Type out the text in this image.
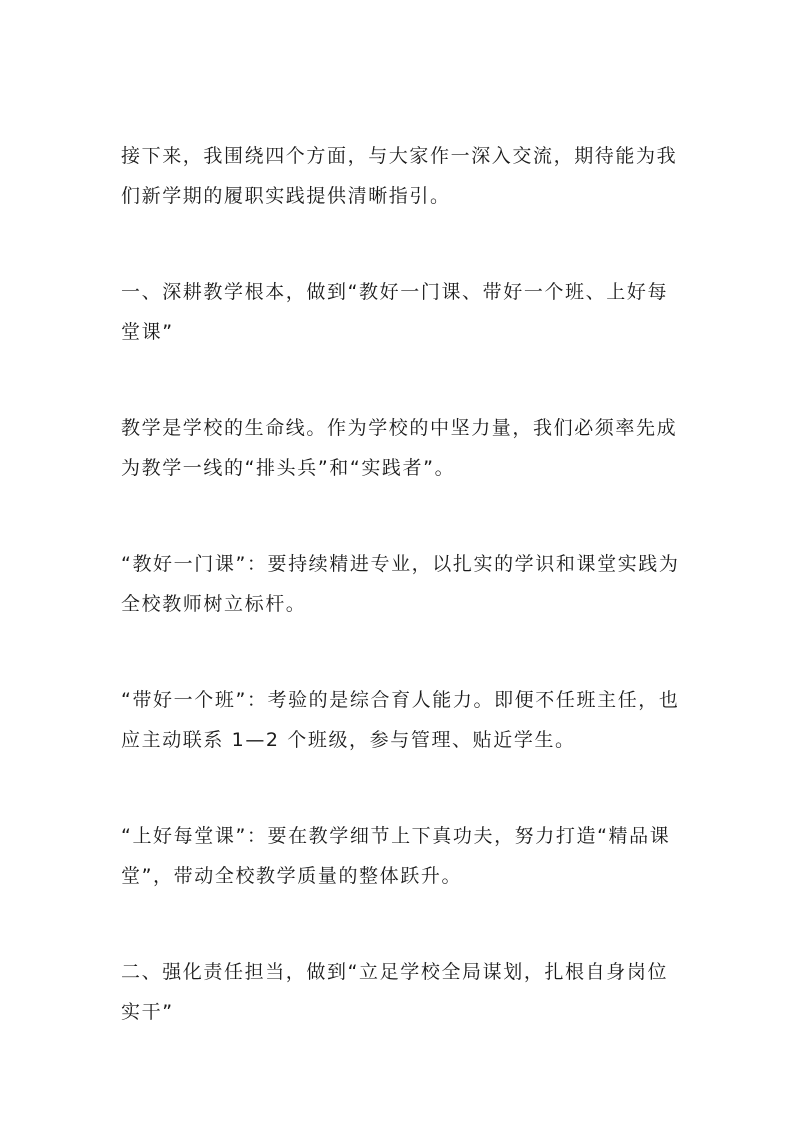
接下来，我围绕四个方面，与大家作一深入交流，期待能为我们新学期的履职实践提供清晰指引。

一、深耕教学根本，做到“教好一门课、带好一个班、上好每堂课”

教学是学校的生命线。作为学校的中坚力量，我们必须率先成为教学一线的“排头兵”和“实践者”。

“教好一门课”：要持续精进专业，以扎实的学识和课堂实践为全校教师树立标杆。

“带好一个班”：考验的是综合育人能力。即便不任班主任，也应主动联系 1—2 个班级，参与管理、贴近学生。

“上好每堂课”：要在教学细节上下真功夫，努力打造“精品课堂”，带动全校教学质量的整体跃升。

二、强化责任担当，做到“立足学校全局谋划，扎根自身岗位实干”
